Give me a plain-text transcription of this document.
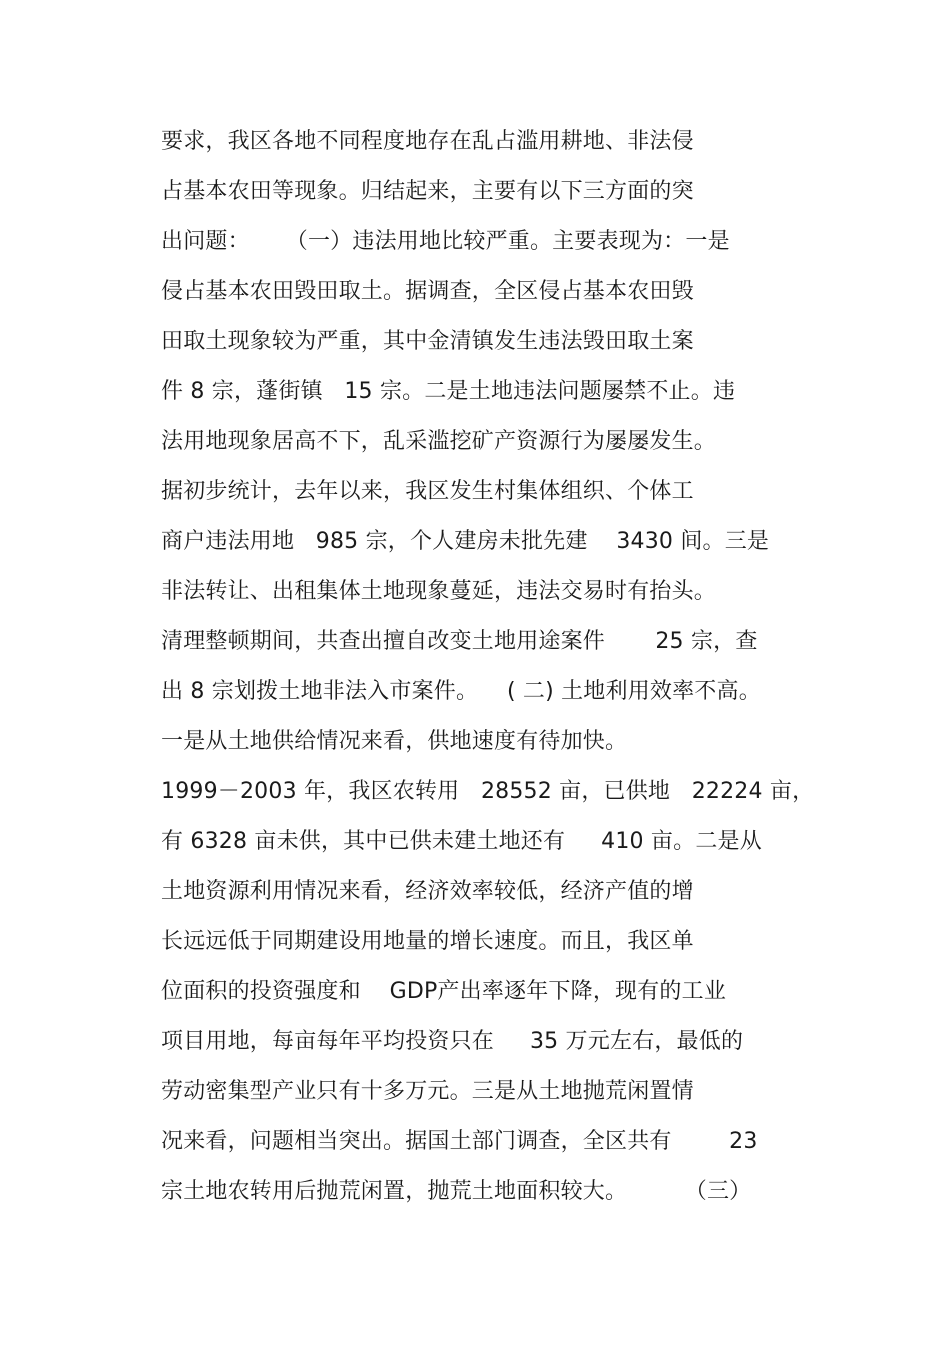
要求，我区各地不同程度地存在乱占滥用耕地、非法侵
占基本农田等现象。归结起来，主要有以下三方面的突
出问题：     （一）违法用地比较严重。主要表现为：一是
侵占基本农田毁田取土。据调查，全区侵占基本农田毁
田取土现象较为严重，其中金清镇发生违法毁田取土案
件 8 宗，蓬街镇   15 宗。二是土地违法问题屡禁不止。违
法用地现象居高不下，乱采滥挖矿产资源行为屡屡发生。
据初步统计，去年以来，我区发生村集体组织、个体工
商户违法用地   985 宗，个人建房未批先建    3430 间。三是
非法转让、出租集体土地现象蔓延，违法交易时有抬头。
清理整顿期间，共查出擅自改变土地用途案件       25 宗，查
出 8 宗划拨土地非法入市案件。    ( 二) 土地利用效率不高。
一是从土地供给情况来看，供地速度有待加快。
1999－2003 年，我区农转用   28552 亩，已供地   22224 亩，
有 6328 亩未供，其中已供未建土地还有     410 亩。二是从
土地资源利用情况来看，经济效率较低，经济产值的增
长远远低于同期建设用地量的增长速度。而且，我区单
位面积的投资强度和    GDP产出率逐年下降，现有的工业
项目用地，每亩每年平均投资只在     35 万元左右，最低的
劳动密集型产业只有十多万元。三是从土地抛荒闲置情
况来看，问题相当突出。据国土部门调查，全区共有        23
宗土地农转用后抛荒闲置，抛荒土地面积较大。        （三）
